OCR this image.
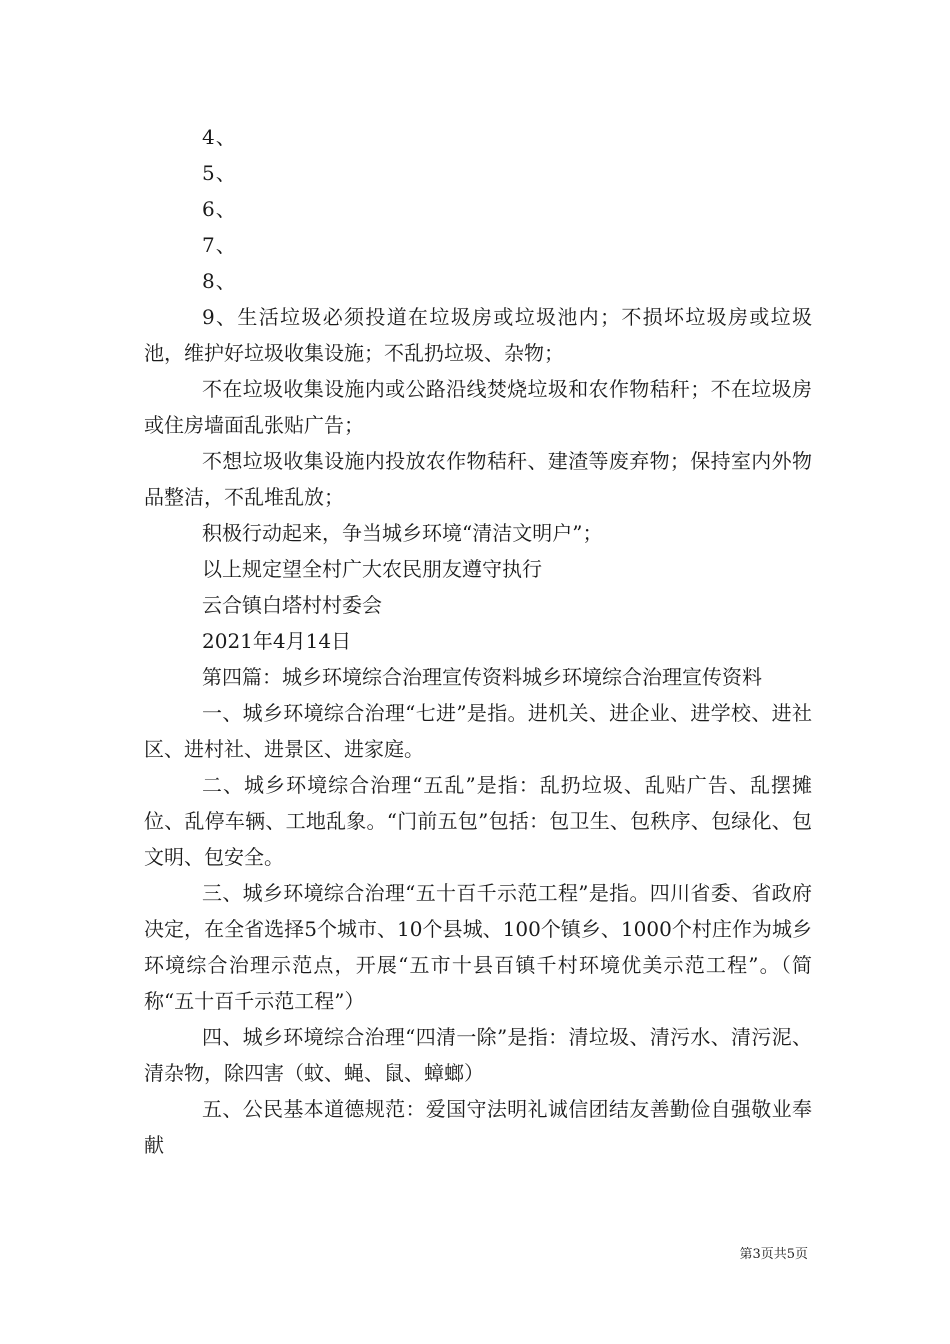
4、

5、

6、

7、

8、

9、生活垃圾必须投道在垃圾房或垃圾池内；不损坏垃圾房或垃圾池，维护好垃圾收集设施；不乱扔垃圾、杂物；

不在垃圾收集设施内或公路沿线焚烧垃圾和农作物秸秆；不在垃圾房或住房墙面乱张贴广告；

不想垃圾收集设施内投放农作物秸秆、建渣等废弃物；保持室内外物品整洁，不乱堆乱放；

积极行动起来，争当城乡环境“清洁文明户”；

以上规定望全村广大农民朋友遵守执行

云合镇白塔村村委会

2021年4月14日

第四篇：城乡环境综合治理宣传资料城乡环境综合治理宣传资料

一、城乡环境综合治理“七进”是指。进机关、进企业、进学校、进社区、进村社、进景区、进家庭。

二、城乡环境综合治理“五乱”是指：乱扔垃圾、乱贴广告、乱摆摊位、乱停车辆、工地乱象。“门前五包”包括：包卫生、包秩序、包绿化、包文明、包安全。

三、城乡环境综合治理“五十百千示范工程”是指。四川省委、省政府决定，在全省选择5个城市、10个县城、100个镇乡、1000个村庄作为城乡环境综合治理示范点，开展“五市十县百镇千村环境优美示范工程”。（简称“五十百千示范工程”）

四、城乡环境综合治理“四清一除”是指：清垃圾、清污水、清污泥、清杂物，除四害（蚊、蝇、鼠、蟑螂）

五、公民基本道德规范：爱国守法明礼诚信团结友善勤俭自强敬业奉献

第3页共5页
